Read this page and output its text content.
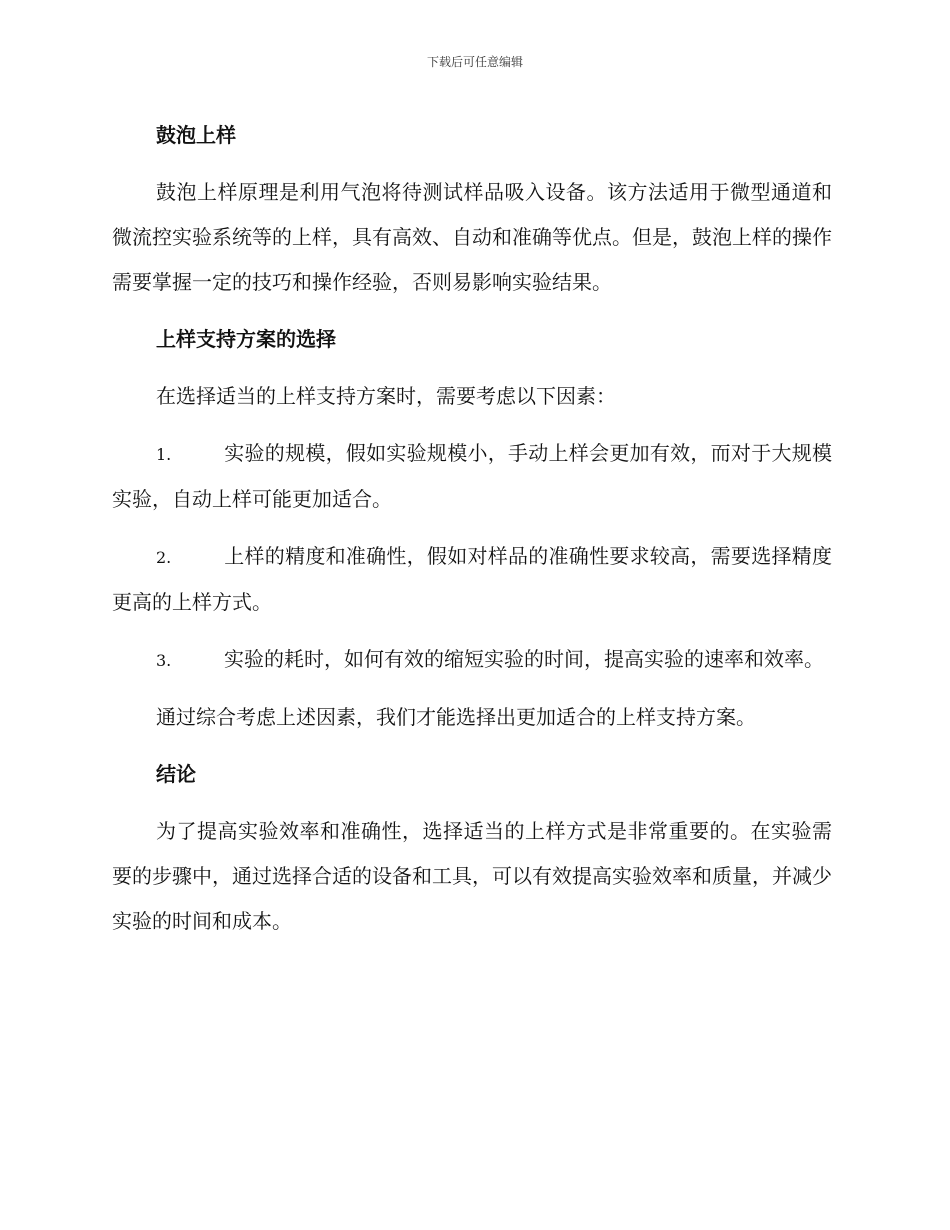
下载后可任意编辑
鼓泡上样
鼓泡上样原理是利用气泡将待测试样品吸入设备。该方法适用于微型通道和微流控实验系统等的上样，具有高效、自动和准确等优点。但是，鼓泡上样的操作需要掌握一定的技巧和操作经验，否则易影响实验结果。
上样支持方案的选择
在选择适当的上样支持方案时，需要考虑以下因素：
1.	实验的规模，假如实验规模小，手动上样会更加有效，而对于大规模实验，自动上样可能更加适合。
2.	上样的精度和准确性，假如对样品的准确性要求较高，需要选择精度更高的上样方式。
3.	实验的耗时，如何有效的缩短实验的时间，提高实验的速率和效率。
通过综合考虑上述因素，我们才能选择出更加适合的上样支持方案。
结论
为了提高实验效率和准确性，选择适当的上样方式是非常重要的。在实验需要的步骤中，通过选择合适的设备和工具，可以有效提高实验效率和质量，并减少实验的时间和成本。
